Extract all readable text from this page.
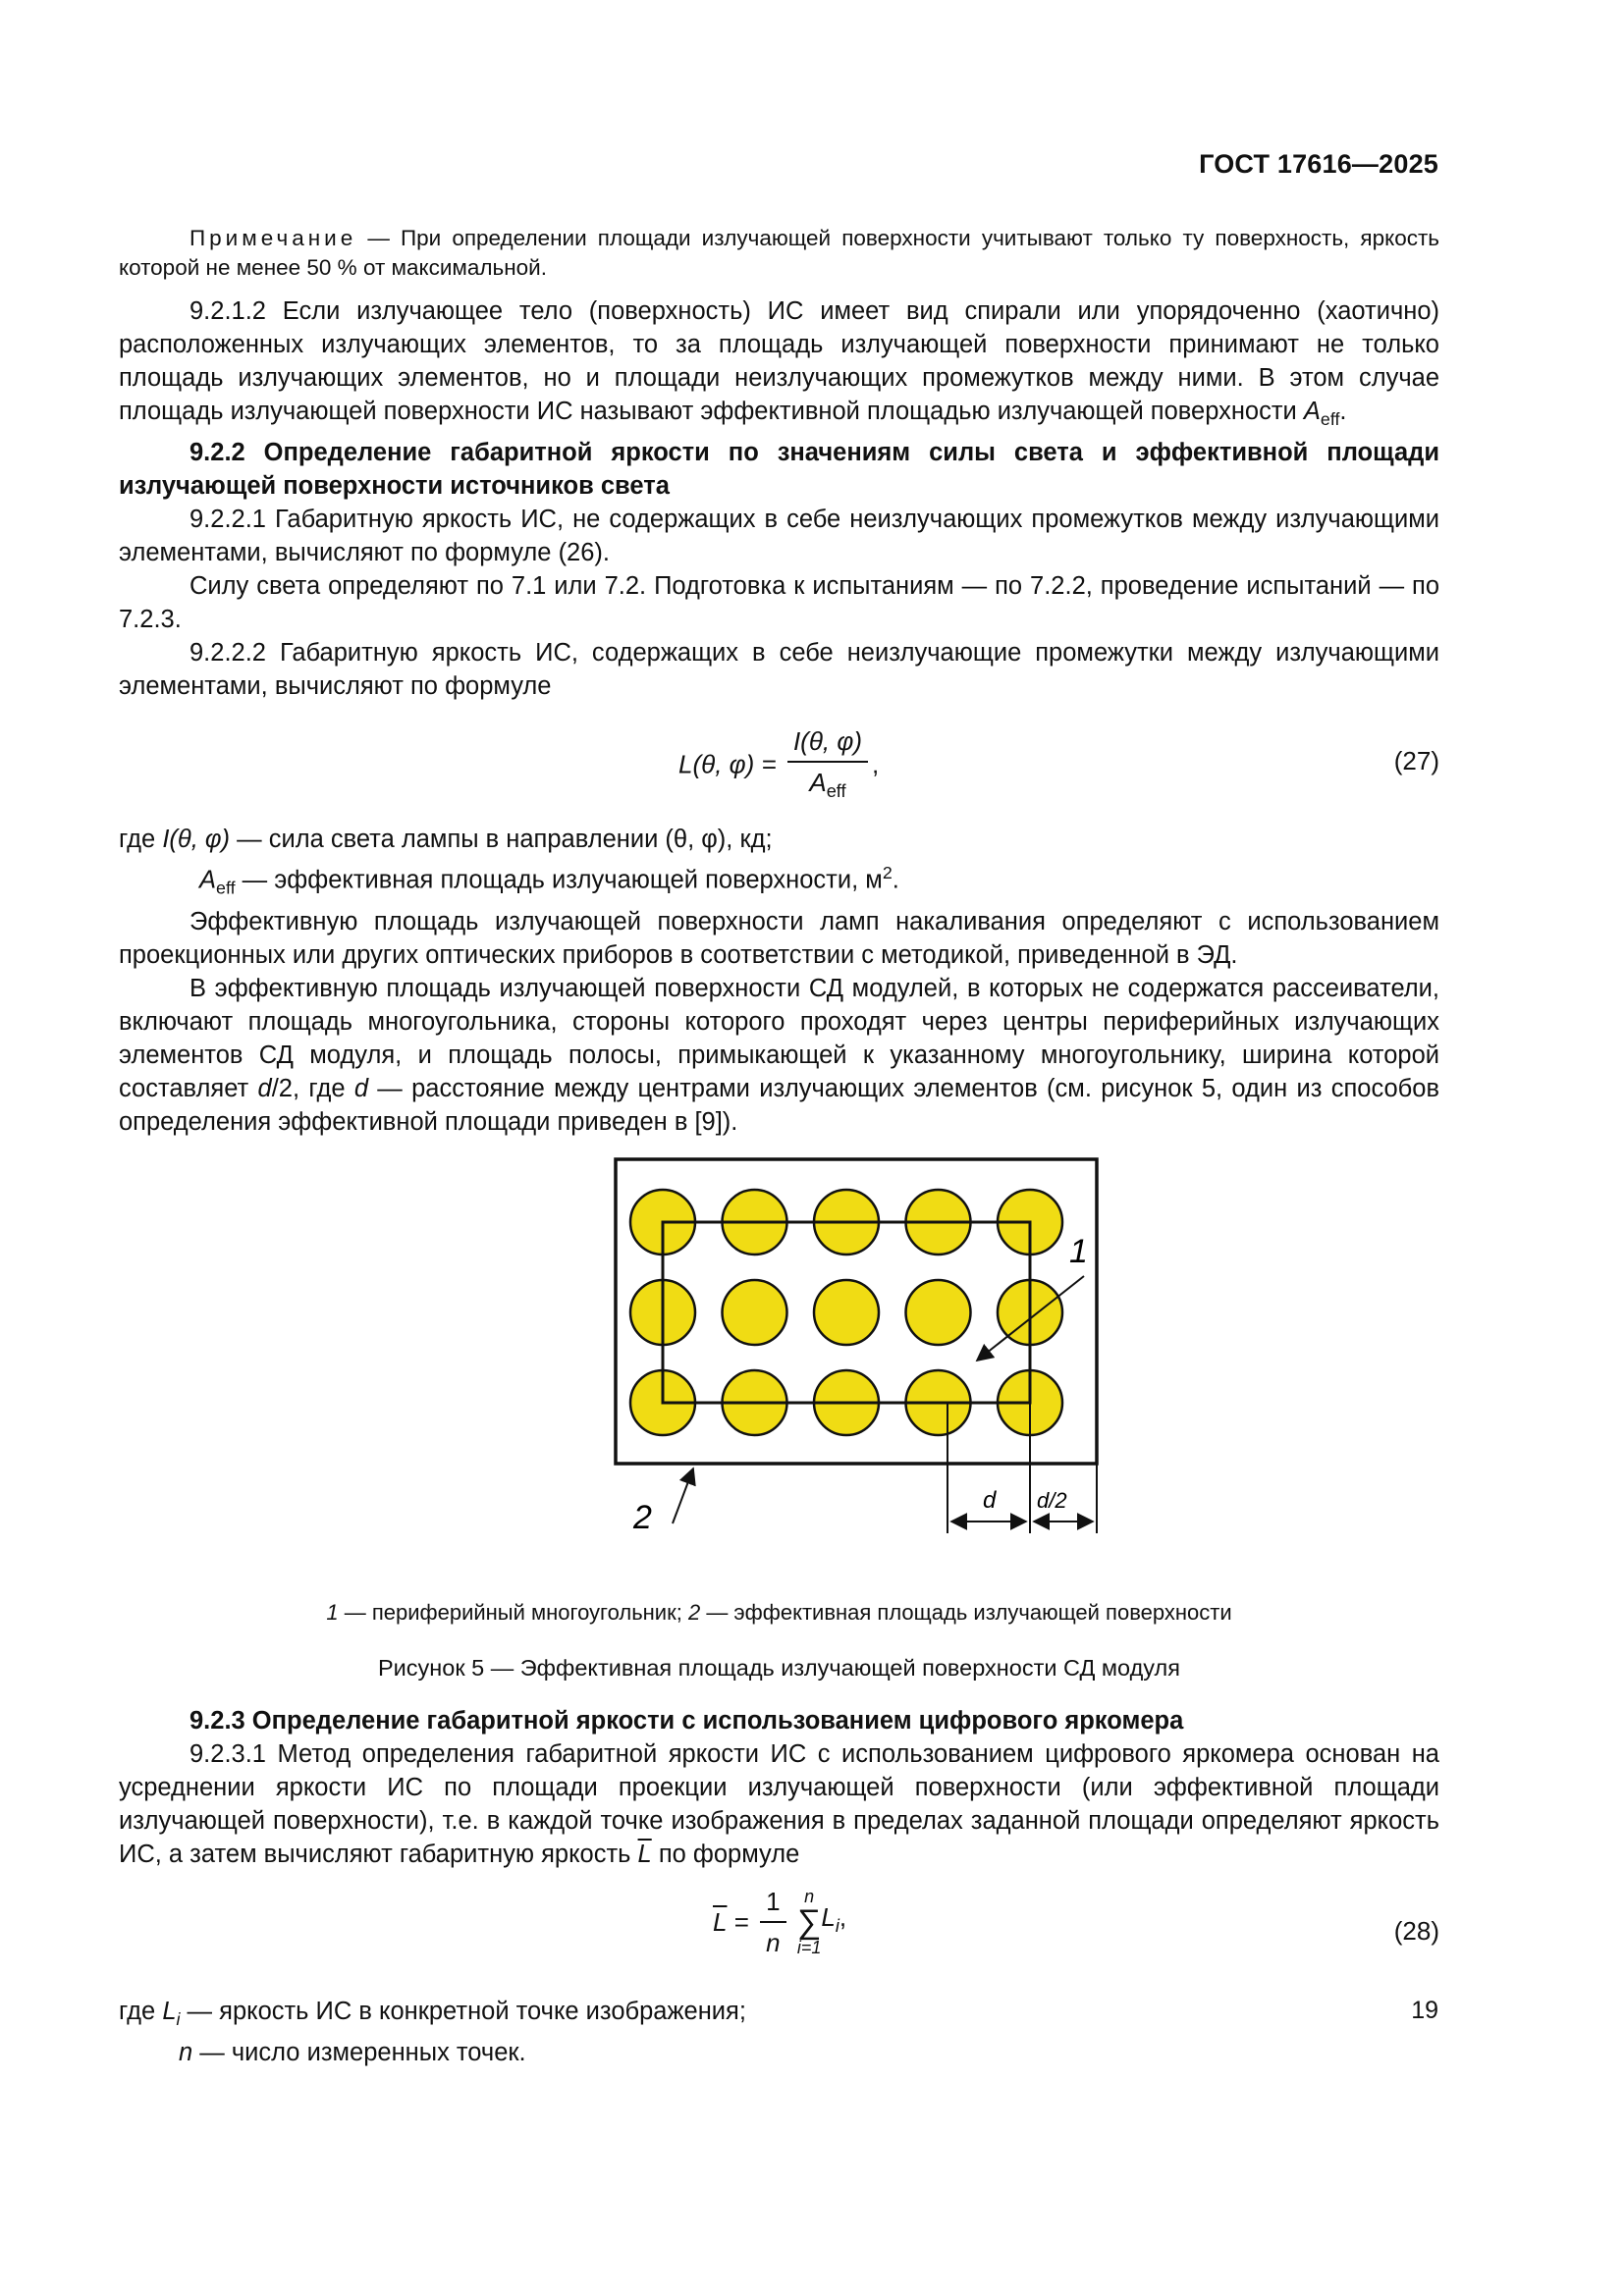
ГОСТ 17616—2025

Примечание — При определении площади излучающей поверхности учитывают только ту поверхность, яркость которой не менее 50 % от максимальной.

9.2.1.2 Если излучающее тело (поверхность) ИС имеет вид спирали или упорядоченно (хаотично) расположенных излучающих элементов, то за площадь излучающей поверхности принимают не только площадь излучающих элементов, но и площади неизлучающих промежутков между ними. В этом случае площадь излучающей поверхности ИС называют эффективной площадью излучающей поверхности $A_{eff}$.

9.2.2 Определение габаритной яркости по значениям силы света и эффективной площади излучающей поверхности источников света

9.2.2.1 Габаритную яркость ИС, не содержащих в себе неизлучающих промежутков между излучающими элементами, вычисляют по формуле (26).

Силу света определяют по 7.1 или 7.2. Подготовка к испытаниям — по 7.2.2, проведение испытаний — по 7.2.3.

9.2.2.2 Габаритную яркость ИС, содержащих в себе неизлучающие промежутки между излучающими элементами, вычисляют по формуле

L(θ, $\varphi) = \frac{I(\theta, \varphi)}{A_{eff}}$ ,	(27)
где I(θ, φ) — сила света лампы в направлении (θ, φ), кд;
$A_{eff}$ — эффективная площадь излучающей поверхности, $м^2$.

Эффективную площадь излучающей поверхности ламп накаливания определяют с использованием проекционных или других оптических приборов в соответствии с методикой, приведенной в ЭД.

В эффективную площадь излучающей поверхности СД модулей, в которых не содержатся рассеиватели, включают площадь многоугольника, стороны которого проходят через центры периферийных излучающих элементов СД модуля, и площадь полосы, примыкающей к указанному многоугольнику, ширина которой составляет d/2, где d — расстояние между центрами излучающих элементов (см. рисунок 5, один из способов определения эффективной площади приведен в [9]).

1
2	d d/2
1 — периферийный многоугольник; 2 — эффективная площадь излучающей поверхности
Рисунок 5 — Эффективная площадь излучающей поверхности СД модуля

9.2.3 Определение габаритной яркости с использованием цифрового яркомера

9.2.3.1 Метод определения габаритной яркости ИС с использованием цифрового яркомера основан на усреднении яркости ИС по площади проекции излучающей поверхности (или эффективной площади излучающей поверхности), т.е. в каждой точке изображения в пределах заданной площади определяют яркость ИС, а затем вычисляют габаритную яркость $\overline{L}$ по формуле

$\overline{L} = \frac{1}{n}$
	n
∑
i=1
$L_i$,	(28)
где $L_i$ — яркость ИС в конкретной точке изображения;
n — число измеренных точек.
19
